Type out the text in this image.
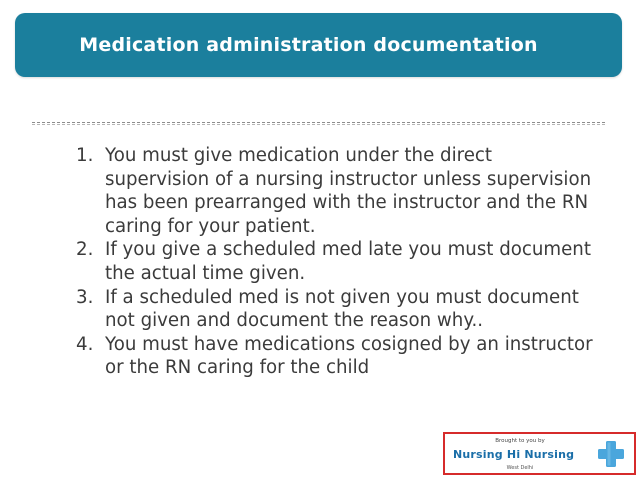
Medication administration documentation
1. You must give medication under the direct supervision of a nursing instructor unless supervision has been prearranged with the instructor and the RN caring for your patient.
2. If you give a scheduled med late you must document the actual time given.
3. If a scheduled med is not given you must document not given and document the reason why..
4. You must have medications cosigned by an instructor or the RN caring for the child
Brought to you by
Nursing Hi Nursing
West Delhi
